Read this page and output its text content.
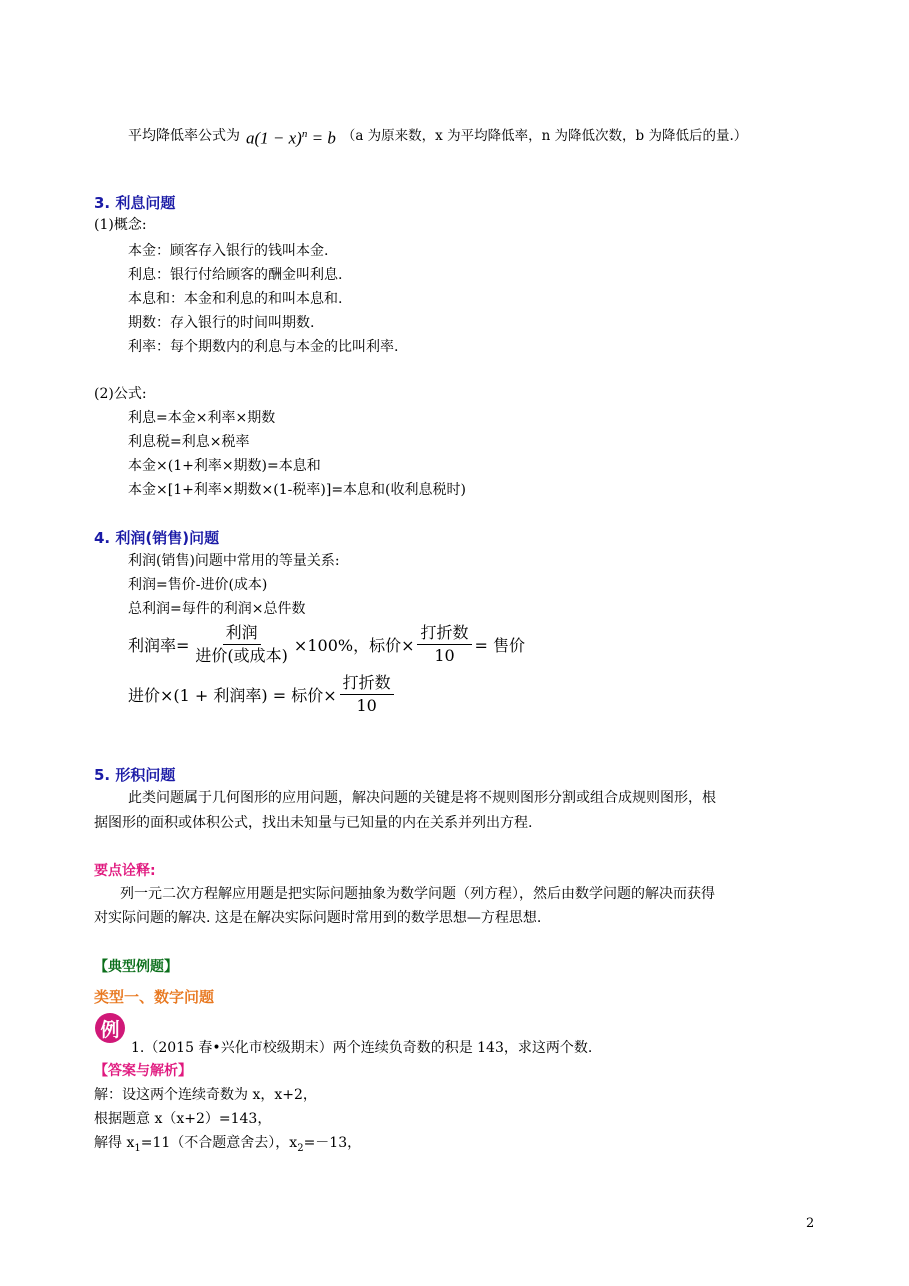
平均降低率公式为 $a(1 - x)^n = b$ （a 为原来数，x 为平均降低率，n 为降低次数，b 为降低后的量.）
3. 利息问题
(1)概念:
本金：顾客存入银行的钱叫本金.
利息：银行付给顾客的酬金叫利息.
本息和：本金和利息的和叫本息和.
期数：存入银行的时间叫期数.
利率：每个期数内的利息与本金的比叫利率.
(2)公式:
利息=本金×利率×期数
利息税=利息×税率
本金×(1+利率×期数)=本息和
本金×[1+利率×期数×(1-税率)]=本息和(收利息税时)
4. 利润(销售)问题
利润(销售)问题中常用的等量关系:
利润=售价-进价(成本)
总利润=每件的利润×总件数
利润率= $\frac{\text{利润}}{\text{进价(或成本)}} \times 100\%$，标价× $\frac{\text{打折数}}{10}$ = 售价
进价×(1 + 利润率) = 标价× $\frac{\text{打折数}}{10}$
5. 形积问题
此类问题属于几何图形的应用问题，解决问题的关键是将不规则图形分割或组合成规则图形，根
据图形的面积或体积公式，找出未知量与已知量的内在关系并列出方程.
要点诠释:
列一元二次方程解应用题是把实际问题抽象为数学问题（列方程），然后由数学问题的解决而获得
对实际问题的解决. 这是在解决实际问题时常用到的数学思想—方程思想.
【典型例题】
类型一、数字问题
例
1.（2015 春•兴化市校级期末）两个连续负奇数的积是 143，求这两个数.
【答案与解析】
解：设这两个连续奇数为 x，x+2，
根据题意 x（x+2）=143，
解得 $x_1=11$（不合题意舍去），$x_2=-13$，
2
